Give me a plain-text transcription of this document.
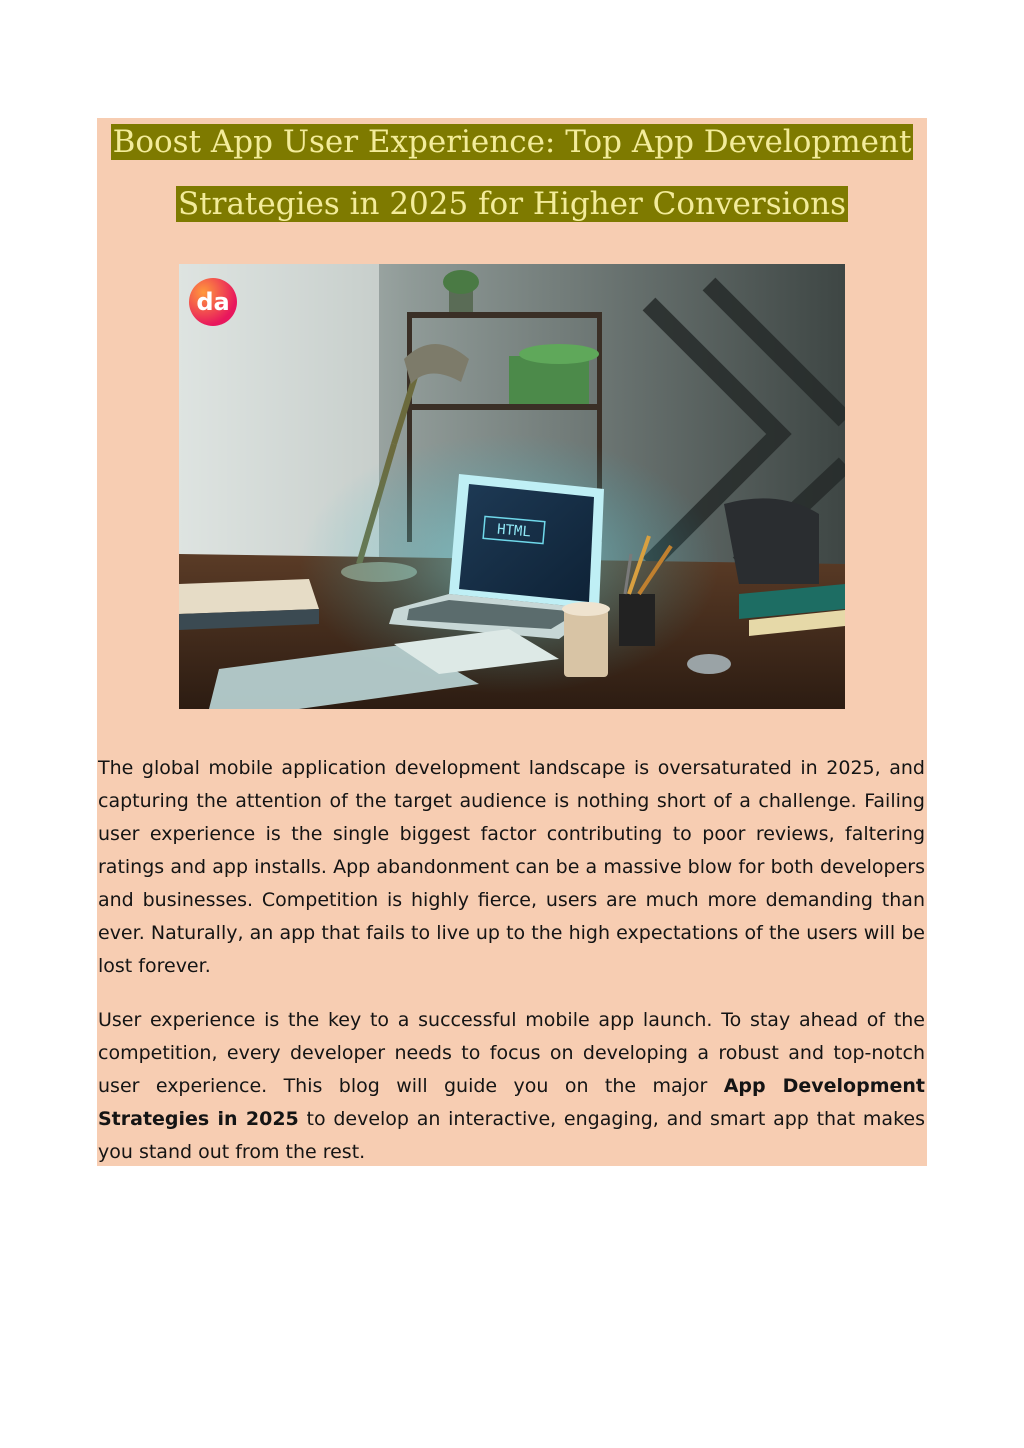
Boost App User Experience: Top App Development
Strategies in 2025 for Higher Conversions
HTML
da

The global mobile application development landscape is oversaturated in 2025, and capturing the attention of the target audience is nothing short of a challenge. Failing user experience is the single biggest factor contributing to poor reviews, faltering ratings and app installs. App abandonment can be a massive blow for both developers and businesses. Competition is highly fierce, users are much more demanding than ever. Naturally, an app that fails to live up to the high expectations of the users will be lost forever.

User experience is the key to a successful mobile app launch. To stay ahead of the competition, every developer needs to focus on developing a robust and top-notch user experience. This blog will guide you on the major App Development Strategies in 2025 to develop an interactive, engaging, and smart app that makes you stand out from the rest.
